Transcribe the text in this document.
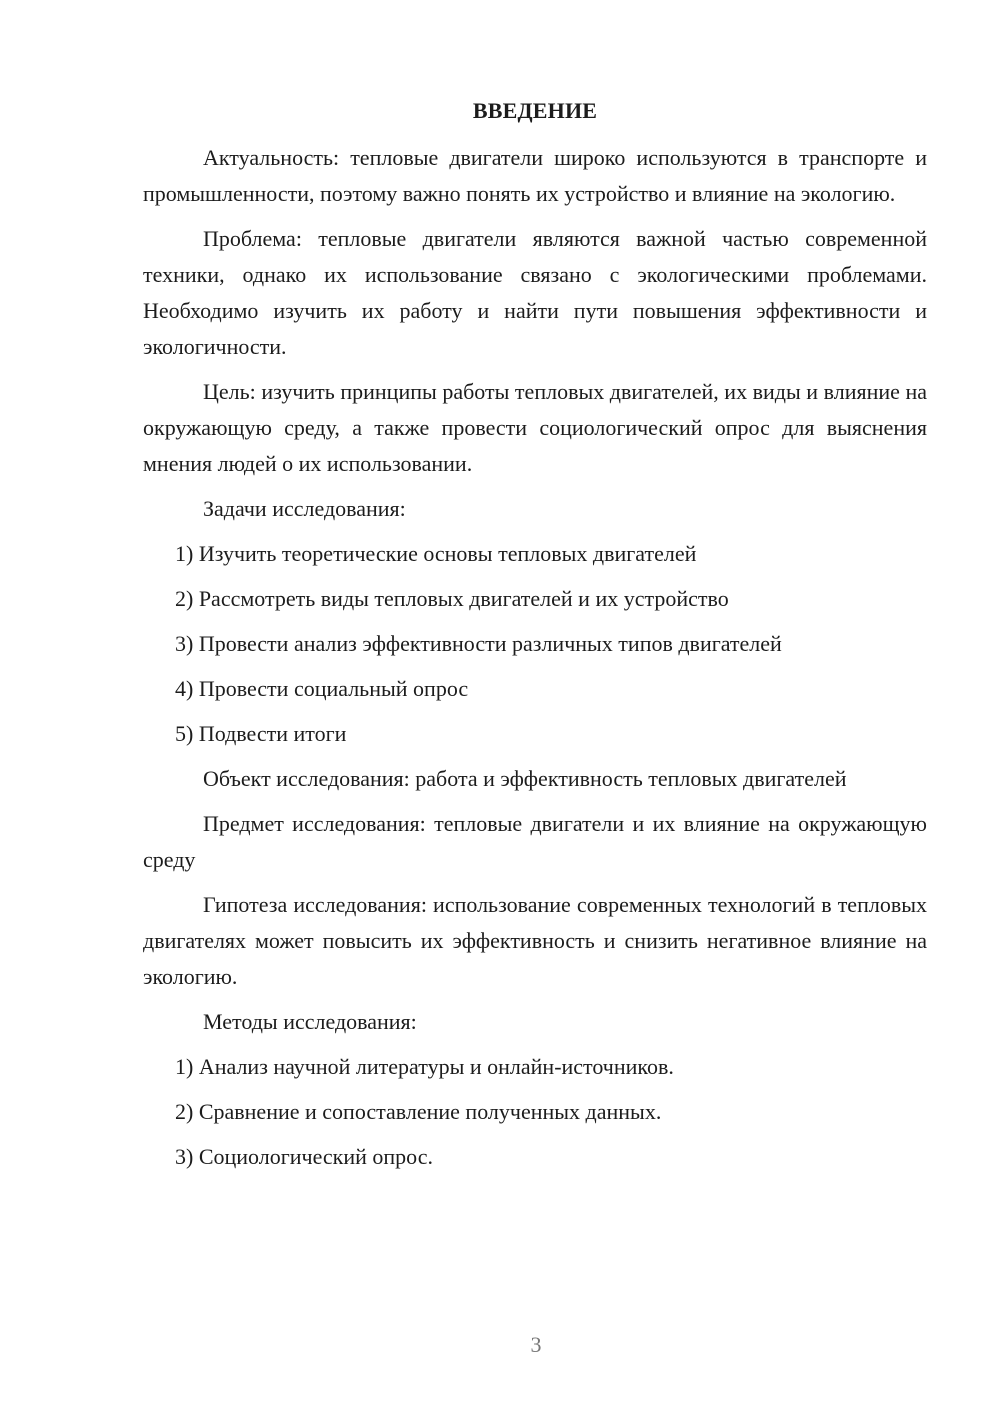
ВВЕДЕНИЕ

Актуальность: тепловые двигатели широко используются в транспорте и промышленности, поэтому важно понять их устройство и влияние на экологию.

Проблема: тепловые двигатели являются важной частью современной техники, однако их использование связано с экологическими проблемами. Необходимо изучить их работу и найти пути повышения эффективности и экологичности.

Цель: изучить принципы работы тепловых двигателей, их виды и влияние на окружающую среду, а также провести социологический опрос для выяснения мнения людей о их использовании.

Задачи исследования:

1) Изучить теоретические основы тепловых двигателей
2) Рассмотреть виды тепловых двигателей и их устройство
3) Провести анализ эффективности различных типов двигателей
4) Провести социальный опрос
5) Подвести итоги

Объект исследования: работа и эффективность тепловых двигателей

Предмет исследования: тепловые двигатели и их влияние на окружающую среду

Гипотеза исследования: использование современных технологий в тепловых двигателях может повысить их эффективность и снизить негативное влияние на экологию.

Методы исследования:

1) Анализ научной литературы и онлайн-источников.
2) Сравнение и сопоставление полученных данных.
3) Социологический опрос.
3
